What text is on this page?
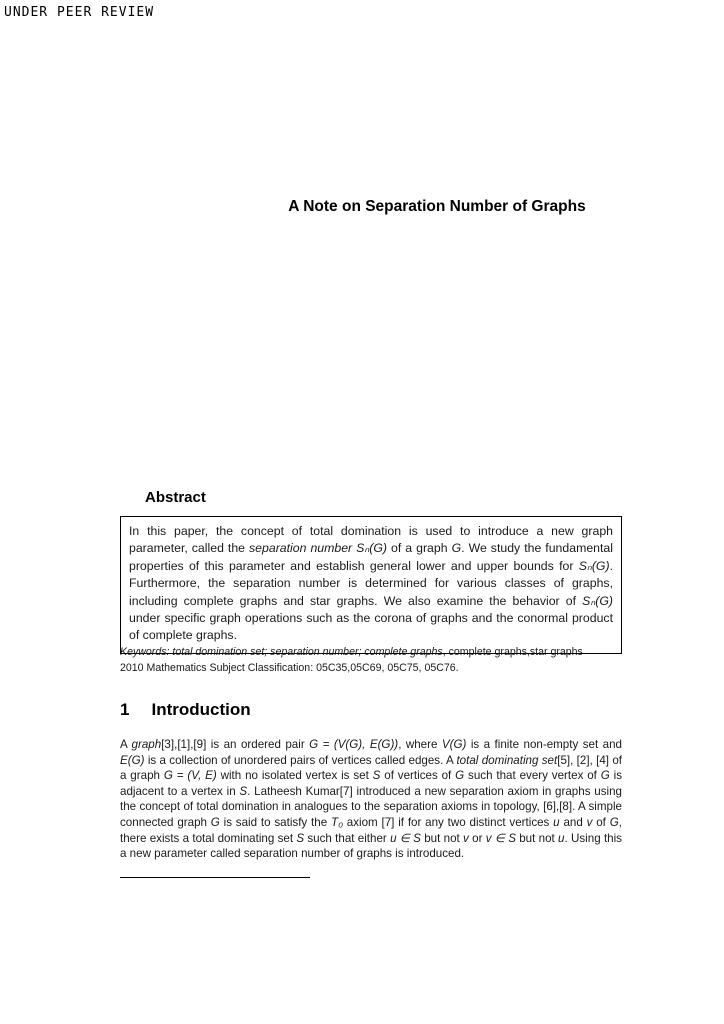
UNDER PEER REVIEW
A Note on Separation Number of Graphs
Abstract
In this paper, the concept of total domination is used to introduce a new graph parameter, called the separation number Sₙ(G) of a graph G. We study the fundamental properties of this parameter and establish general lower and upper bounds for Sₙ(G). Furthermore, the separation number is determined for various classes of graphs, including complete graphs and star graphs. We also examine the behavior of Sₙ(G) under specific graph operations such as the corona of graphs and the conormal product of complete graphs.
Keywords: total domination set; separation number; complete graphs, complete graphs,star graphs
2010 Mathematics Subject Classification: 05C35,05C69, 05C75, 05C76.
1 Introduction
A graph[3],[1],[9] is an ordered pair G = (V(G), E(G)), where V(G) is a finite non-empty set and E(G) is a collection of unordered pairs of vertices called edges. A total dominating set[5], [2], [4] of a graph G = (V, E) with no isolated vertex is set S of vertices of G such that every vertex of G is adjacent to a vertex in S. Latheesh Kumar[7] introduced a new separation axiom in graphs using the concept of total domination in analogues to the separation axioms in topology, [6],[8]. A simple connected graph G is said to satisfy the T₀ axiom [7] if for any two distinct vertices u and v of G, there exists a total dominating set S such that either u ∈ S but not v or v ∈ S but not u. Using this a new parameter called separation number of graphs is introduced.
